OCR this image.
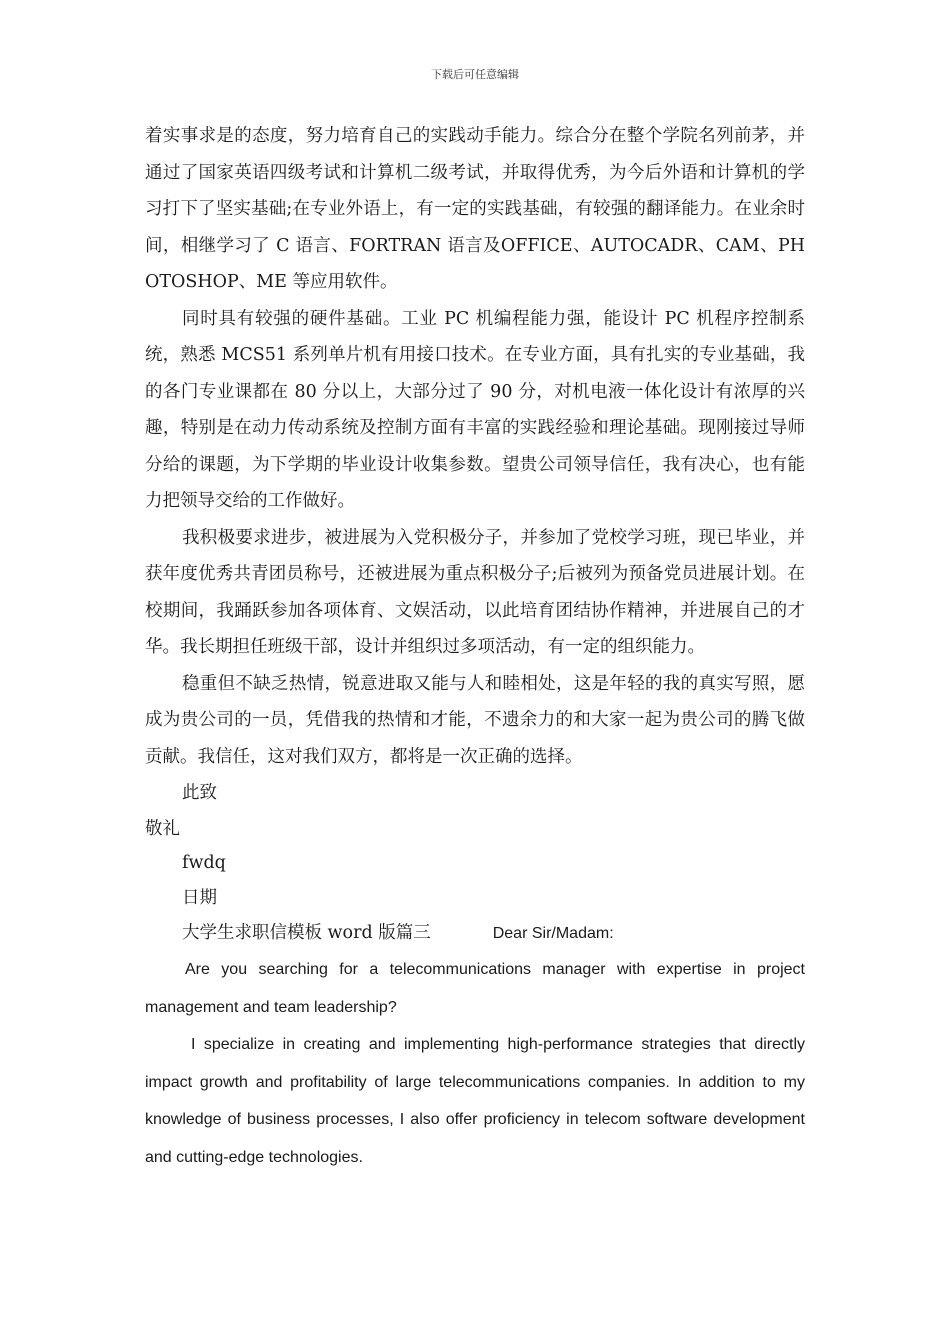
下载后可任意编辑

着实事求是的态度，努力培育自己的实践动手能力。综合分在整个学院名列前茅，并通过了国家英语四级考试和计算机二级考试，并取得优秀，为今后外语和计算机的学习打下了坚实基础;在专业外语上，有一定的实践基础，有较强的翻译能力。在业余时间，相继学习了 C 语言、FORTRAN 语言及OFFICE、AUTOCADR、CAM、PHOTOSHOP、ME 等应用软件。

同时具有较强的硬件基础。工业 PC 机编程能力强，能设计 PC 机程序控制系统，熟悉 MCS51 系列单片机有用接口技术。在专业方面，具有扎实的专业基础，我的各门专业课都在 80 分以上，大部分过了 90 分，对机电液一体化设计有浓厚的兴趣，特别是在动力传动系统及控制方面有丰富的实践经验和理论基础。现刚接过导师分给的课题，为下学期的毕业设计收集参数。望贵公司领导信任，我有决心，也有能力把领导交给的工作做好。

我积极要求进步，被进展为入党积极分子，并参加了党校学习班，现已毕业，并获年度优秀共青团员称号，还被进展为重点积极分子;后被列为预备党员进展计划。在校期间，我踊跃参加各项体育、文娱活动，以此培育团结协作精神，并进展自己的才华。我长期担任班级干部，设计并组织过多项活动，有一定的组织能力。

稳重但不缺乏热情，锐意进取又能与人和睦相处，这是年轻的我的真实写照，愿成为贵公司的一员，凭借我的热情和才能，不遗余力的和大家一起为贵公司的腾飞做贡献。我信任，这对我们双方，都将是一次正确的选择。

此致

敬礼

fwdq

日期

大学生求职信模板 word 版篇三	Dear Sir/Madam:

Are you searching for a telecommunications manager with expertise in project management and team leadership?

I specialize in creating and implementing high-performance strategies that directly impact growth and profitability of large telecommunications companies. In addition to my knowledge of business processes, I also offer proficiency in telecom software development and cutting-edge technologies.
